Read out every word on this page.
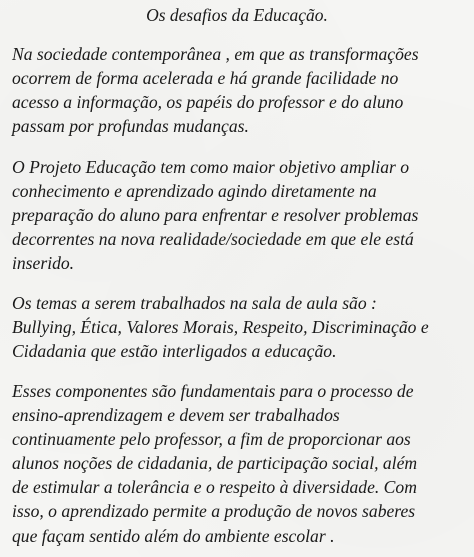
Os desafios da Educação.
Na sociedade contemporânea , em que as transformações
ocorrem de forma acelerada e há grande facilidade no
acesso a informação, os papéis do professor e do aluno
passam por profundas mudanças.
O Projeto Educação tem como maior objetivo ampliar o
conhecimento e aprendizado agindo diretamente na
preparação do aluno para enfrentar e resolver problemas
decorrentes na nova realidade/sociedade em que ele está
inserido.
Os temas a serem trabalhados na sala de aula são :
Bullying, Ética, Valores Morais, Respeito, Discriminação e
Cidadania que estão interligados a educação.
Esses componentes são fundamentais para o processo de
ensino-aprendizagem e devem ser trabalhados
continuamente pelo professor, a fim de proporcionar aos
alunos noções de cidadania, de participação social, além
de estimular a tolerância e o respeito à diversidade. Com
isso, o aprendizado permite a produção de novos saberes
que façam sentido além do ambiente escolar .
